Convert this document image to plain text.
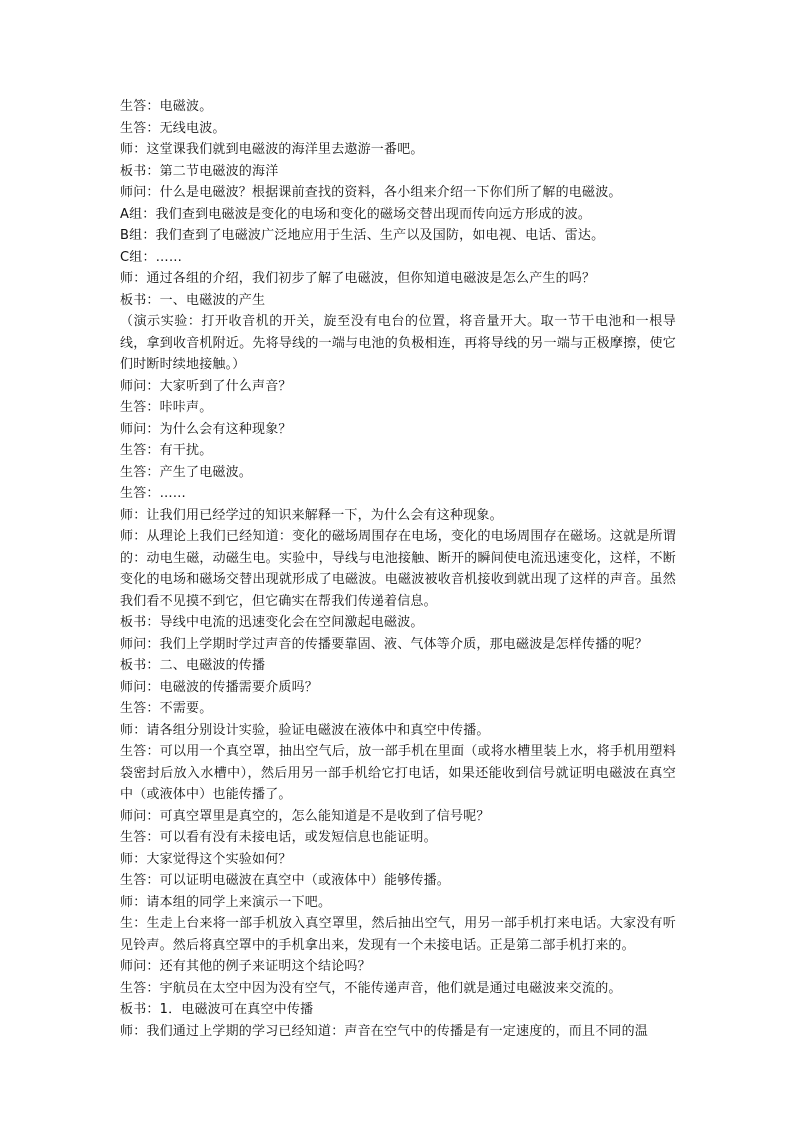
生答：电磁波。

生答：无线电波。

师：这堂课我们就到电磁波的海洋里去遨游一番吧。

板书：第二节电磁波的海洋

师问：什么是电磁波？根据课前查找的资料，各小组来介绍一下你们所了解的电磁波。

A组：我们查到电磁波是变化的电场和变化的磁场交替出现而传向远方形成的波。

B组：我们查到了电磁波广泛地应用于生活、生产以及国防，如电视、电话、雷达。

C组：……

师：通过各组的介绍，我们初步了解了电磁波，但你知道电磁波是怎么产生的吗？

板书：一、电磁波的产生

（演示实验：打开收音机的开关，旋至没有电台的位置，将音量开大。取一节干电池和一根导线，拿到收音机附近。先将导线的一端与电池的负极相连，再将导线的另一端与正极摩擦，使它们时断时续地接触。）

师问：大家听到了什么声音？

生答：咔咔声。

师问：为什么会有这种现象？

生答：有干扰。

生答：产生了电磁波。

生答：……

师：让我们用已经学过的知识来解释一下，为什么会有这种现象。

师：从理论上我们已经知道：变化的磁场周围存在电场，变化的电场周围存在磁场。这就是所谓的：动电生磁，动磁生电。实验中，导线与电池接触、断开的瞬间使电流迅速变化，这样，不断变化的电场和磁场交替出现就形成了电磁波。电磁波被收音机接收到就出现了这样的声音。虽然我们看不见摸不到它，但它确实在帮我们传递着信息。

板书：导线中电流的迅速变化会在空间激起电磁波。

师问：我们上学期时学过声音的传播要靠固、液、气体等介质，那电磁波是怎样传播的呢？

板书：二、电磁波的传播

师问：电磁波的传播需要介质吗？

生答：不需要。

师：请各组分别设计实验，验证电磁波在液体中和真空中传播。

生答：可以用一个真空罩，抽出空气后，放一部手机在里面（或将水槽里装上水，将手机用塑料袋密封后放入水槽中），然后用另一部手机给它打电话，如果还能收到信号就证明电磁波在真空中（或液体中）也能传播了。

师问：可真空罩里是真空的，怎么能知道是不是收到了信号呢？

生答：可以看有没有未接电话，或发短信息也能证明。

师：大家觉得这个实验如何？

生答：可以证明电磁波在真空中（或液体中）能够传播。

师：请本组的同学上来演示一下吧。

生：生走上台来将一部手机放入真空罩里，然后抽出空气，用另一部手机打来电话。大家没有听见铃声。然后将真空罩中的手机拿出来，发现有一个未接电话。正是第二部手机打来的。

师问：还有其他的例子来证明这个结论吗？

生答：宇航员在太空中因为没有空气，不能传递声音，他们就是通过电磁波来交流的。

板书：1．电磁波可在真空中传播

师：我们通过上学期的学习已经知道：声音在空气中的传播是有一定速度的，而且不同的温
